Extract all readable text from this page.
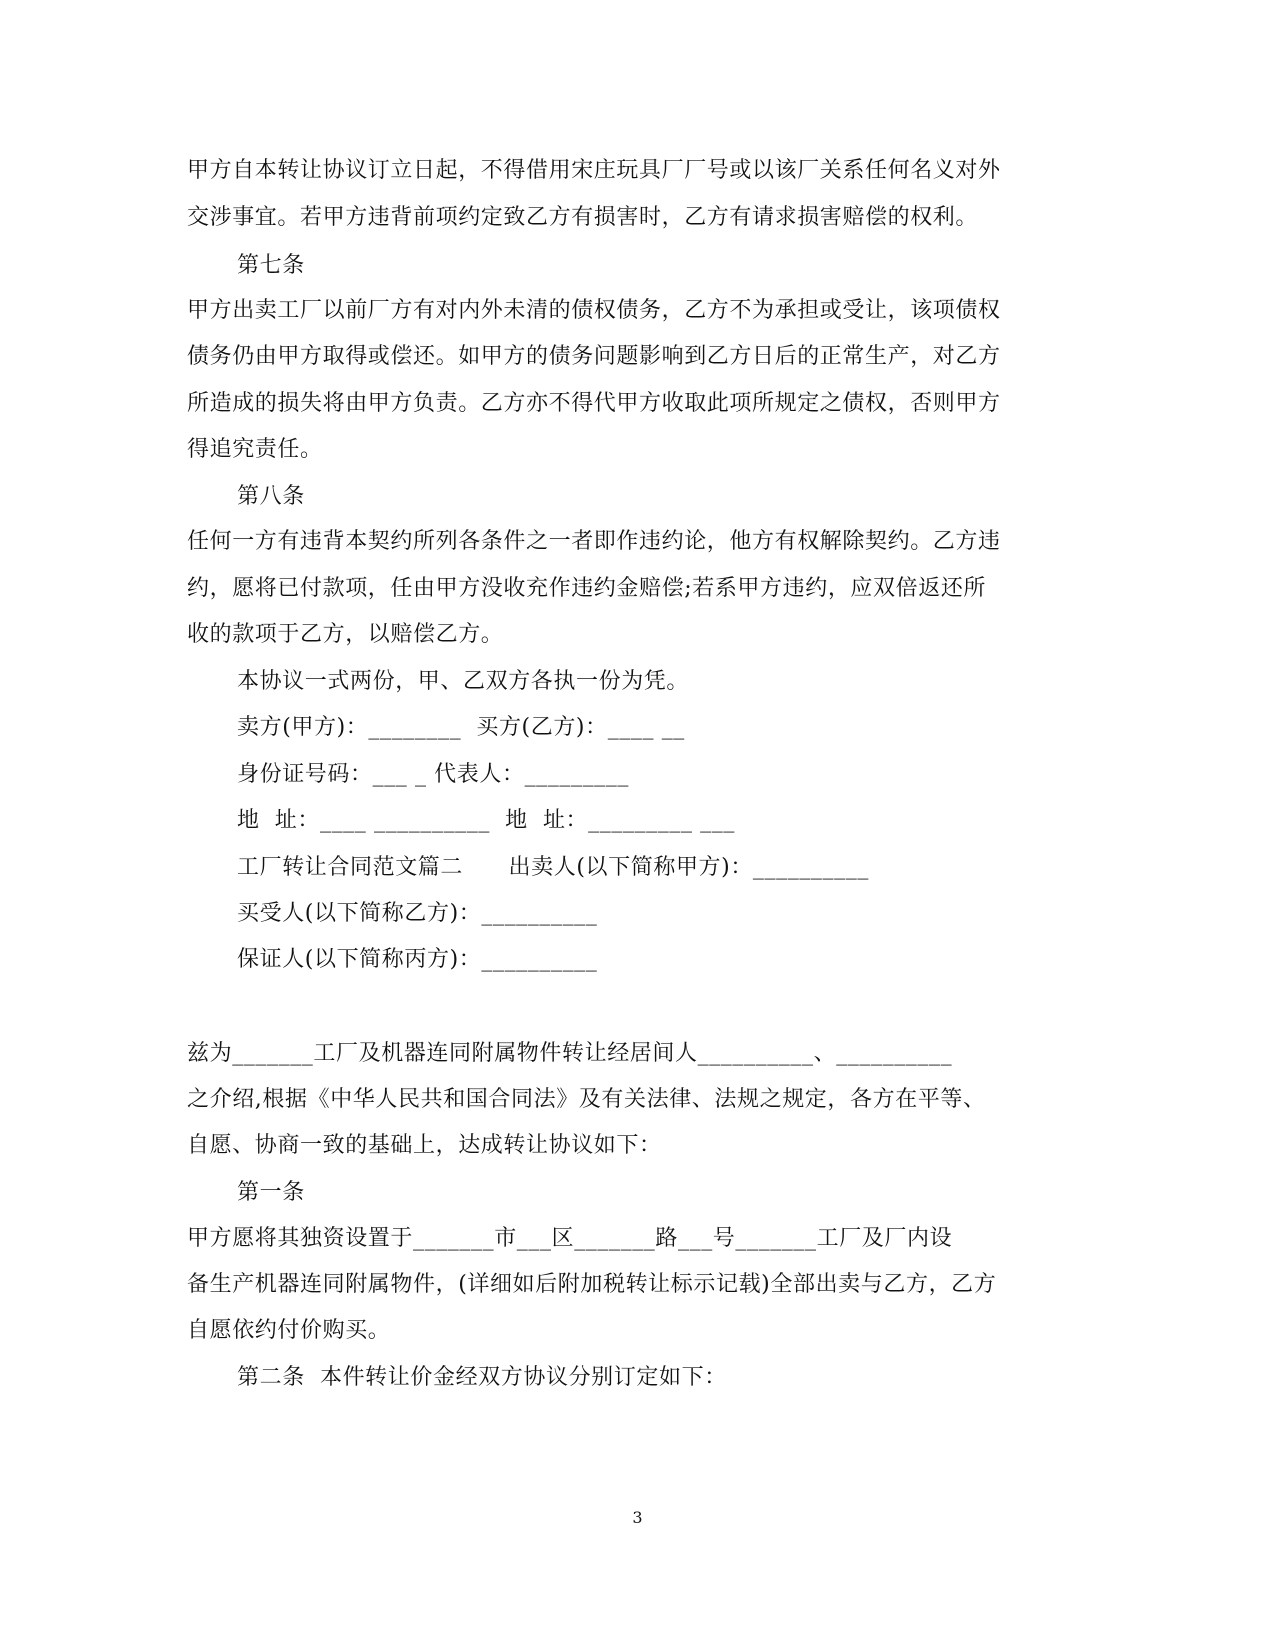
甲方自本转让协议订立日起，不得借用宋庄玩具厂厂号或以该厂关系任何名义对外
交涉事宜。若甲方违背前项约定致乙方有损害时，乙方有请求损害赔偿的权利。
第七条
甲方出卖工厂以前厂方有对内外未清的债权债务，乙方不为承担或受让，该项债权
债务仍由甲方取得或偿还。如甲方的债务问题影响到乙方日后的正常生产，对乙方
所造成的损失将由甲方负责。乙方亦不得代甲方收取此项所规定之债权，否则甲方
得追究责任。
第八条
任何一方有违背本契约所列各条件之一者即作违约论，他方有权解除契约。乙方违
约，愿将已付款项，任由甲方没收充作违约金赔偿;若系甲方违约，应双倍返还所
收的款项于乙方，以赔偿乙方。
本协议一式两份，甲、乙双方各执一份为凭。
卖方(甲方)：________  买方(乙方)：____ __
身份证号码：___ _ 代表人：_________
地  址：____ __________  地  址：_________ ___
工厂转让合同范文篇二      出卖人(以下简称甲方)：__________
买受人(以下简称乙方)：__________
保证人(以下简称丙方)：__________
兹为_______工厂及机器连同附属物件转让经居间人__________、__________
之介绍,根据《中华人民共和国合同法》及有关法律、法规之规定，各方在平等、
自愿、协商一致的基础上，达成转让协议如下：
第一条
甲方愿将其独资设置于_______市___区_______路___号_______工厂及厂内设
备生产机器连同附属物件，(详细如后附加税转让标示记载)全部出卖与乙方，乙方
自愿依约付价购买。
第二条  本件转让价金经双方协议分别订定如下：
3
